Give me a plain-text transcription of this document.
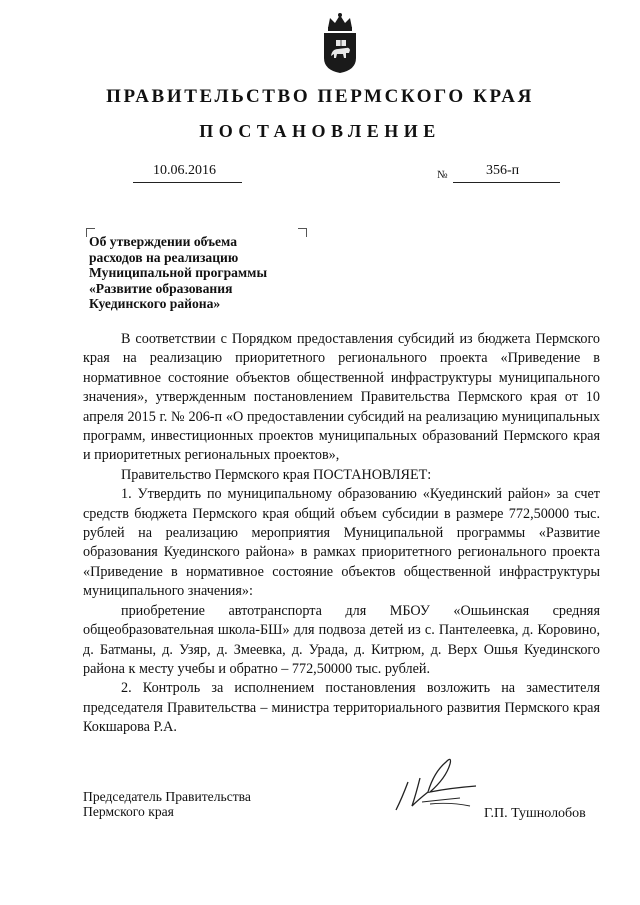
ПРАВИТЕЛЬСТВО ПЕРМСКОГО КРАЯ
ПОСТАНОВЛЕНИЕ
10.06.2016	№	356-п
Об утверждении объема
расходов на реализацию
Муниципальной программы
«Развитие образования
Куединского района»

В соответствии с Порядком предоставления субсидий из бюджета Пермского края на реализацию приоритетного регионального проекта «Приведение в нормативное состояние объектов общественной инфраструктуры муниципального значения», утвержденным постановлением Правительства Пермского края от 10 апреля 2015 г. № 206-п «О предоставлении субсидий на реализацию муниципальных программ, инвестиционных проектов муниципальных образований Пермского края и приоритетных региональных проектов»,

Правительство Пермского края ПОСТАНОВЛЯЕТ:

1. Утвердить по муниципальному образованию «Куединский район» за счет средств бюджета Пермского края общий объем субсидии в размере 772,50000 тыс. рублей на реализацию мероприятия Муниципальной программы «Развитие образования Куединского района» в рамках приоритетного регионального проекта «Приведение в нормативное состояние объектов общественной инфраструктуры муниципального значения»:

приобретение автотранспорта для МБОУ «Ошьинская средняя общеобразовательная школа-БШ» для подвоза детей из с. Пантелеевка, д. Коровино, д. Батманы, д. Узяр, д. Змеевка, д. Урада, д. Китрюм, д. Верх Ошья Куединского района к месту учебы и обратно – 772,50000 тыс. рублей.

2. Контроль за исполнением постановления возложить на заместителя председателя Правительства – министра территориального развития Пермского края Кокшарова Р.А.

Председатель Правительства
Пермского края	Г.П. Тушнолобов
